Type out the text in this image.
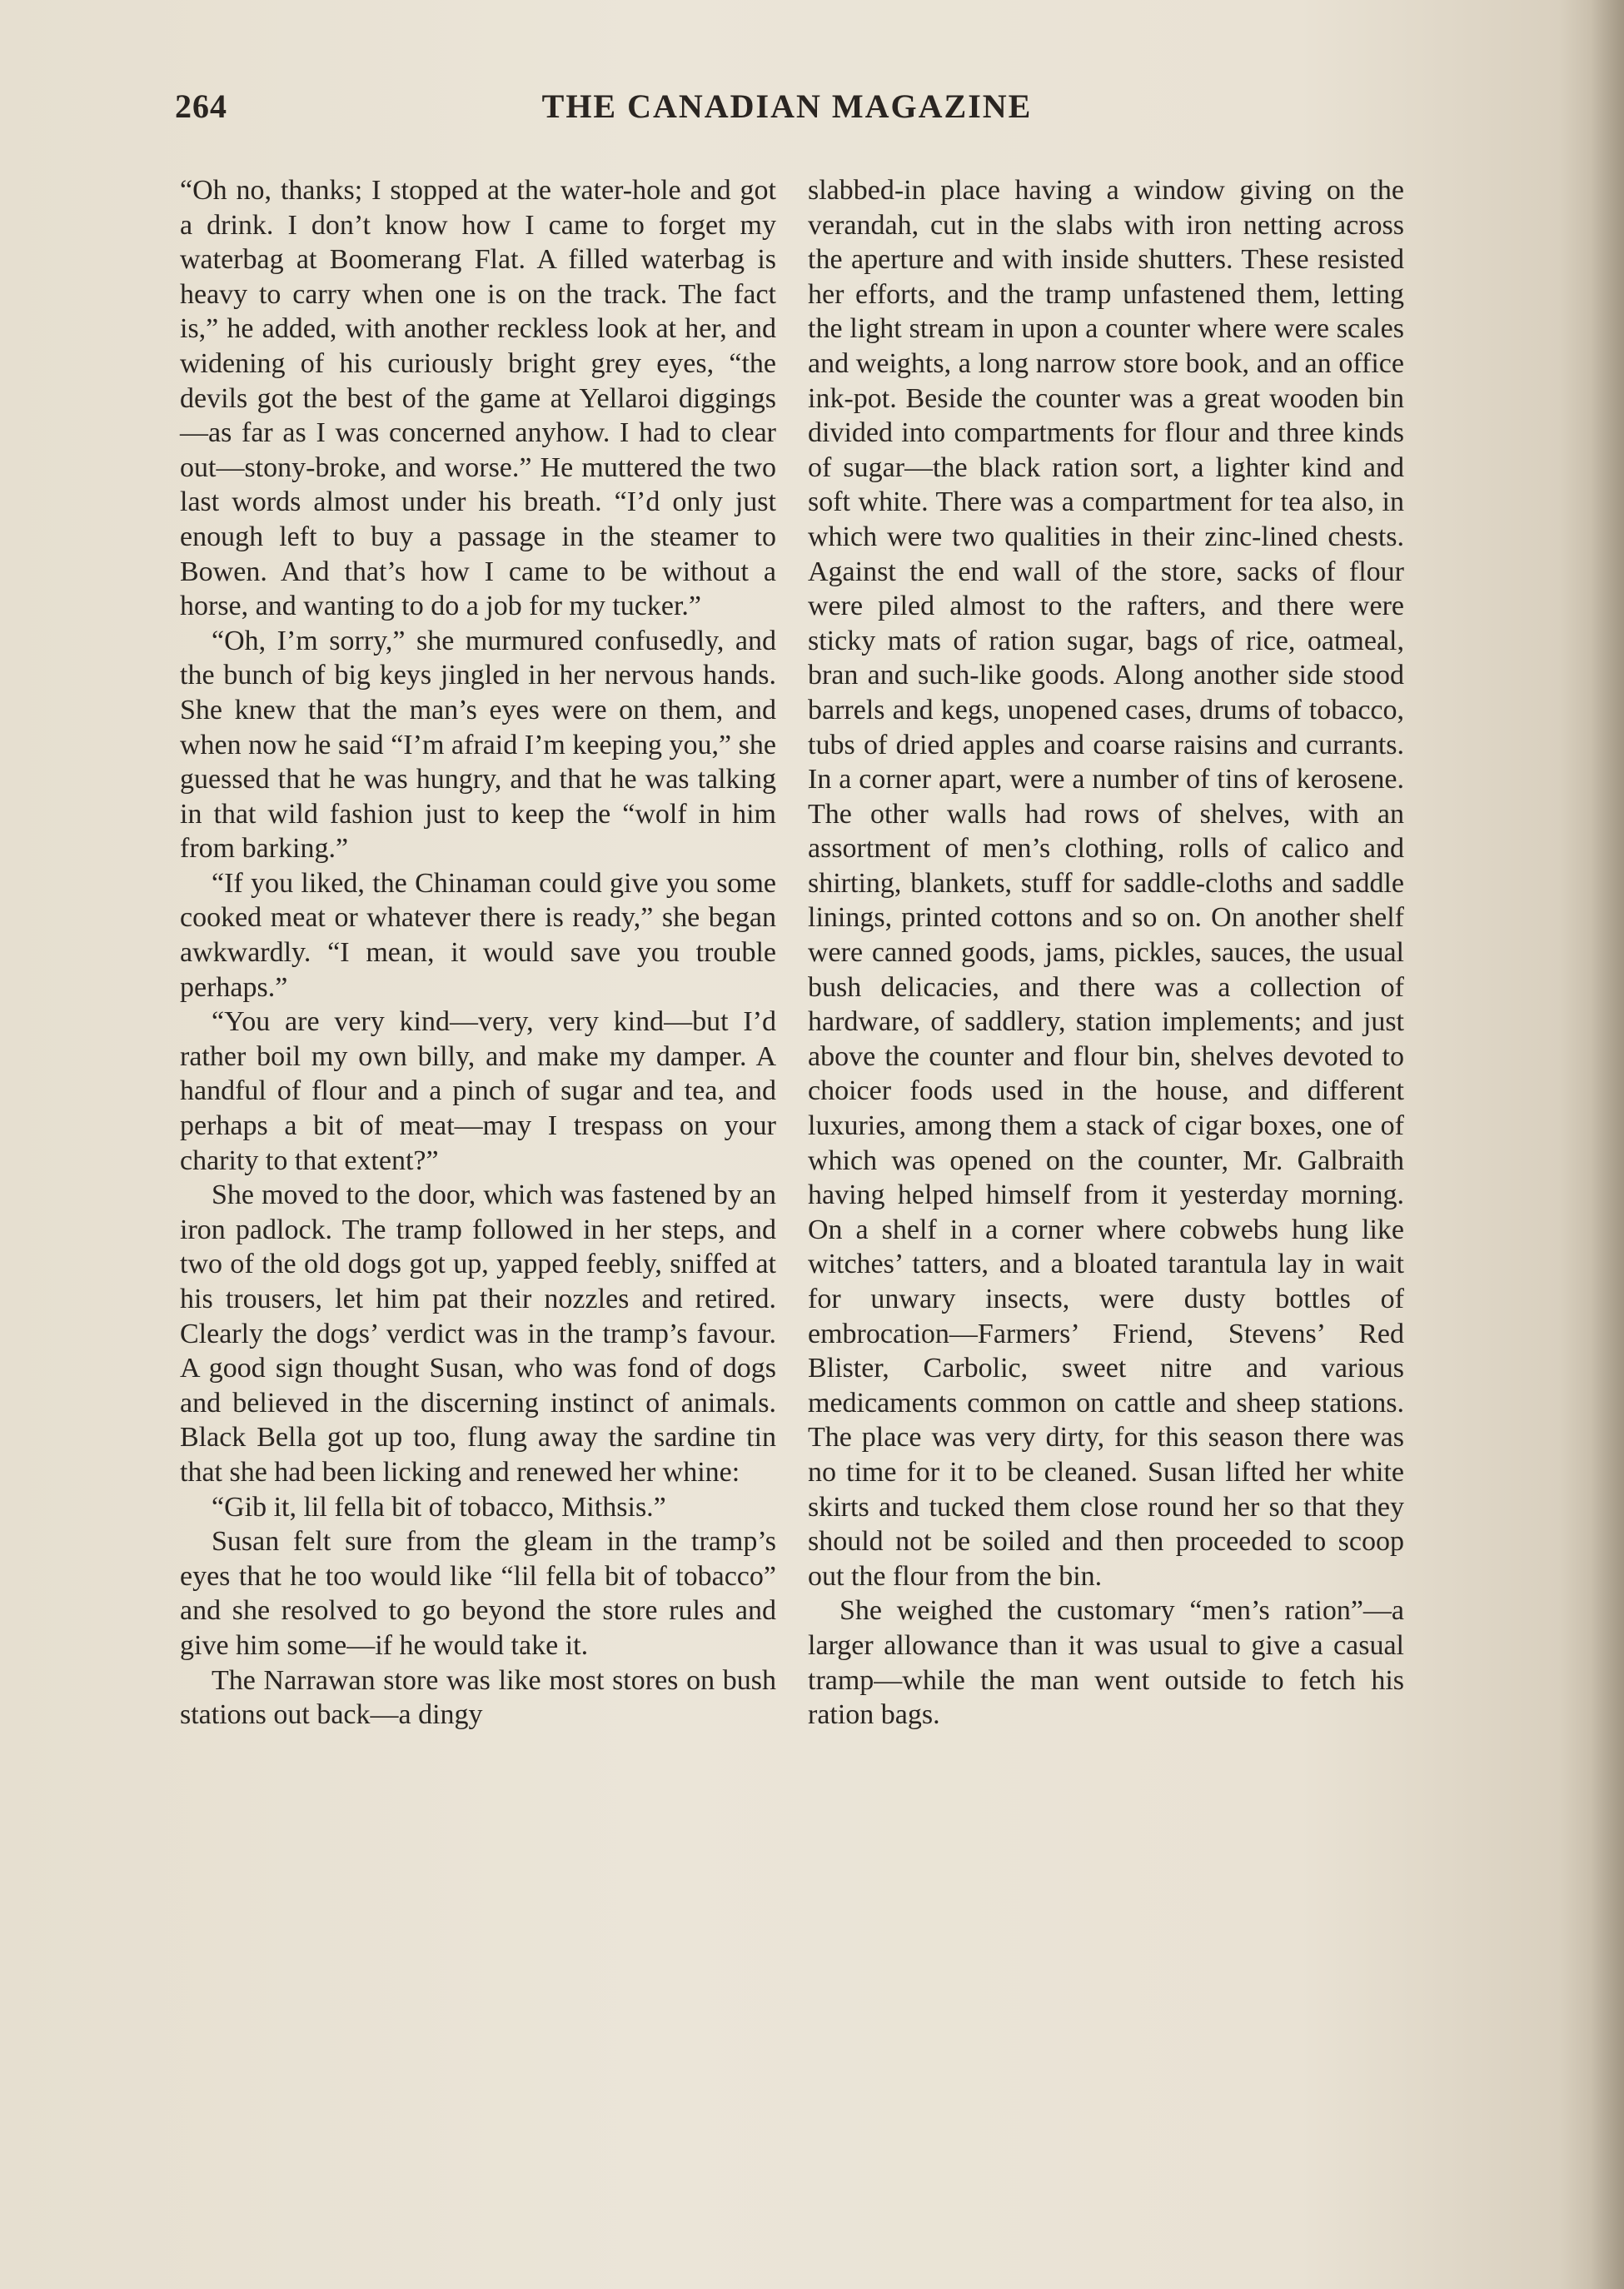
264	THE CANADIAN MAGAZINE

“Oh no, thanks; I stopped at the water-hole and got a drink. I don’t know how I came to forget my waterbag at Boomerang Flat. A filled waterbag is heavy to carry when one is on the track. The fact is,” he added, with another reckless look at her, and widening of his curiously bright grey eyes, “the devils got the best of the game at Yellaroi diggings—as far as I was concerned anyhow. I had to clear out—stony-broke, and worse.” He muttered the two last words almost under his breath. “I’d only just enough left to buy a passage in the steamer to Bowen. And that’s how I came to be without a horse, and wanting to do a job for my tucker.”

“Oh, I’m sorry,” she murmured confusedly, and the bunch of big keys jingled in her nervous hands. She knew that the man’s eyes were on them, and when now he said “I’m afraid I’m keeping you,” she guessed that he was hungry, and that he was talking in that wild fashion just to keep the “wolf in him from barking.”

“If you liked, the Chinaman could give you some cooked meat or whatever there is ready,” she began awkwardly. “I mean, it would save you trouble perhaps.”

“You are very kind—very, very kind—but I’d rather boil my own billy, and make my damper. A handful of flour and a pinch of sugar and tea, and perhaps a bit of meat—may I trespass on your charity to that extent?”

She moved to the door, which was fastened by an iron padlock. The tramp followed in her steps, and two of the old dogs got up, yapped feebly, sniffed at his trousers, let him pat their nozzles and retired. Clearly the dogs’ verdict was in the tramp’s favour. A good sign thought Susan, who was fond of dogs and believed in the discerning instinct of animals. Black Bella got up too, flung away the sardine tin that she had been licking and renewed her whine:

“Gib it, lil fella bit of tobacco, Mithsis.”

Susan felt sure from the gleam in the tramp’s eyes that he too would like “lil fella bit of tobacco” and she resolved to go beyond the store rules and give him some—if he would take it.

The Narrawan store was like most stores on bush stations out back—a dingy

slabbed-in place having a window giving on the verandah, cut in the slabs with iron netting across the aperture and with inside shutters. These resisted her efforts, and the tramp unfastened them, letting the light stream in upon a counter where were scales and weights, a long narrow store book, and an office ink-pot. Beside the counter was a great wooden bin divided into compartments for flour and three kinds of sugar—the black ration sort, a lighter kind and soft white. There was a compartment for tea also, in which were two qualities in their zinc-lined chests. Against the end wall of the store, sacks of flour were piled almost to the rafters, and there were sticky mats of ration sugar, bags of rice, oatmeal, bran and such-like goods. Along another side stood barrels and kegs, unopened cases, drums of tobacco, tubs of dried apples and coarse raisins and currants. In a corner apart, were a number of tins of kerosene. The other walls had rows of shelves, with an assortment of men’s clothing, rolls of calico and shirting, blankets, stuff for saddle-cloths and saddle linings, printed cottons and so on. On another shelf were canned goods, jams, pickles, sauces, the usual bush delicacies, and there was a collection of hardware, of saddlery, station implements; and just above the counter and flour bin, shelves devoted to choicer foods used in the house, and different luxuries, among them a stack of cigar boxes, one of which was opened on the counter, Mr. Galbraith having helped himself from it yesterday morning. On a shelf in a corner where cobwebs hung like witches’ tatters, and a bloated tarantula lay in wait for unwary insects, were dusty bottles of embrocation—Farmers’ Friend, Stevens’ Red Blister, Carbolic, sweet nitre and various medicaments common on cattle and sheep stations. The place was very dirty, for this season there was no time for it to be cleaned. Susan lifted her white skirts and tucked them close round her so that they should not be soiled and then proceeded to scoop out the flour from the bin.

She weighed the customary “men’s ration”—a larger allowance than it was usual to give a casual tramp—while the man went outside to fetch his ration bags.
